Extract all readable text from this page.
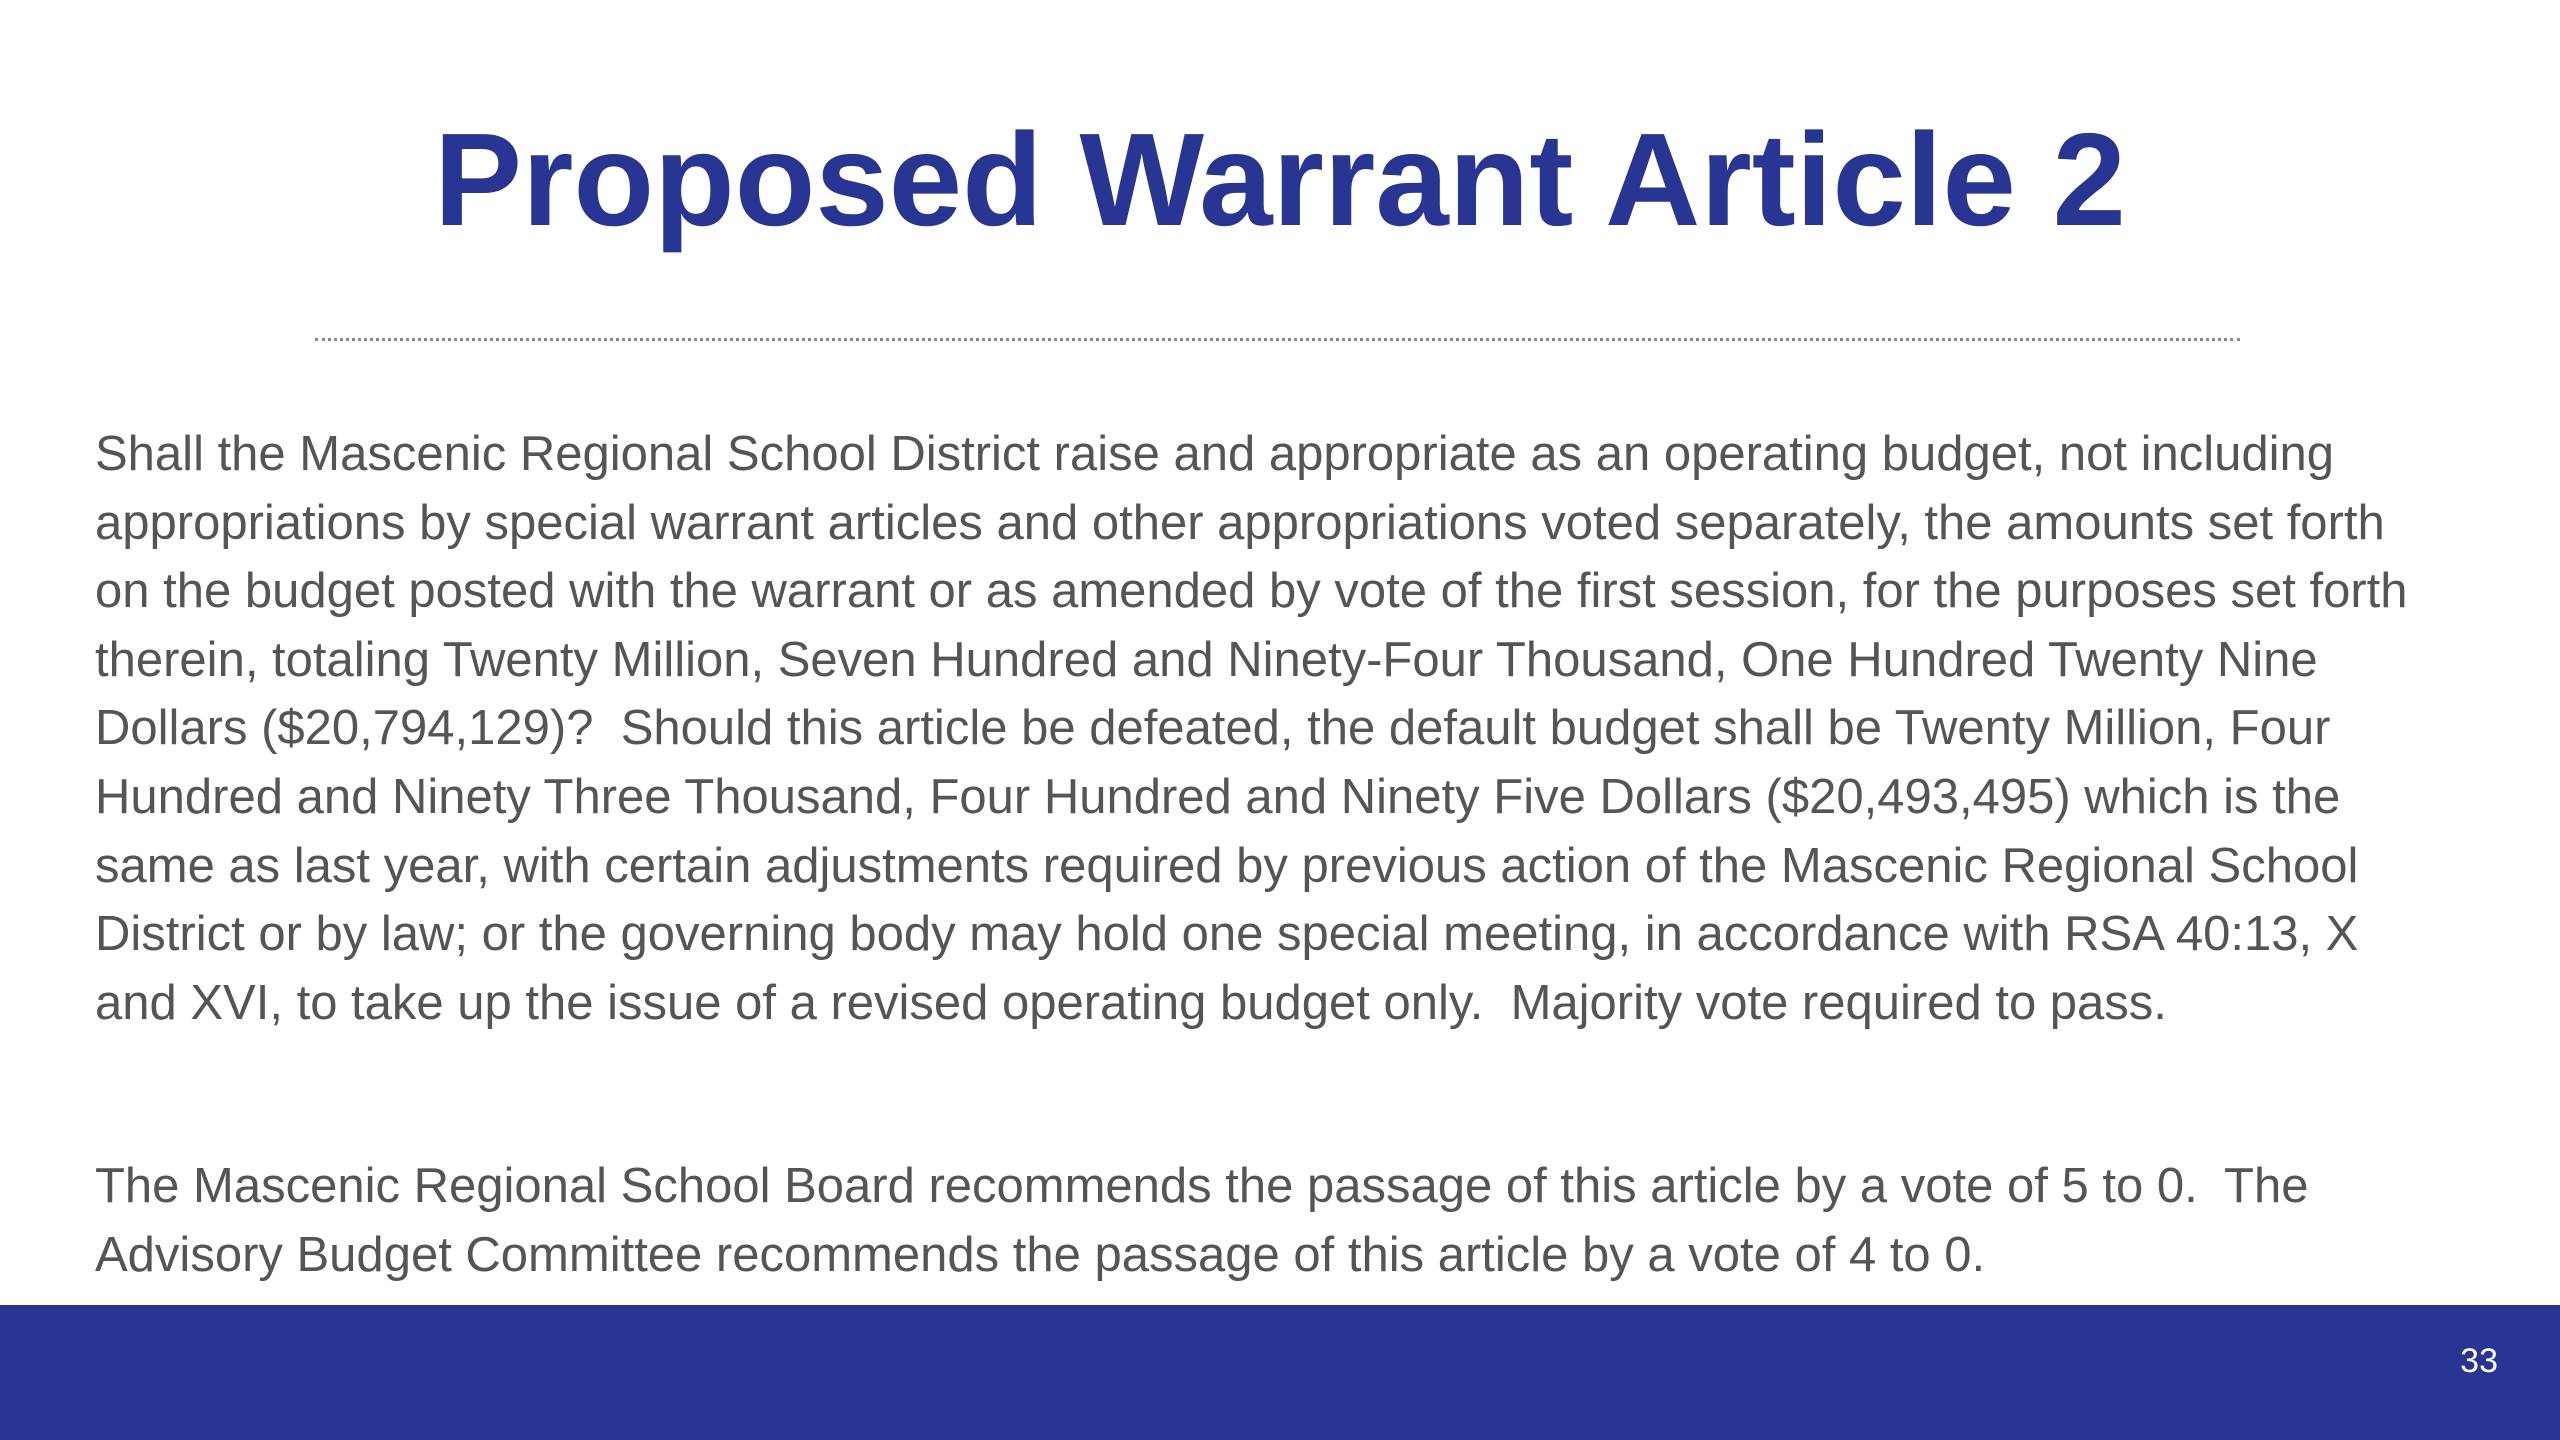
Proposed Warrant Article 2

Shall the Mascenic Regional School District raise and appropriate as an operating budget, not including
appropriations by special warrant articles and other appropriations voted separately, the amounts set forth
on the budget posted with the warrant or as amended by vote of the first session, for the purposes set forth
therein, totaling Twenty Million, Seven Hundred and Ninety-Four Thousand, One Hundred Twenty Nine
Dollars ($20,794,129)?  Should this article be defeated, the default budget shall be Twenty Million, Four
Hundred and Ninety Three Thousand, Four Hundred and Ninety Five Dollars ($20,493,495) which is the
same as last year, with certain adjustments required by previous action of the Mascenic Regional School
District or by law; or the governing body may hold one special meeting, in accordance with RSA 40:13, X
and XVI, to take up the issue of a revised operating budget only.  Majority vote required to pass.

The Mascenic Regional School Board recommends the passage of this article by a vote of 5 to 0.  The
Advisory Budget Committee recommends the passage of this article by a vote of 4 to 0.

33
